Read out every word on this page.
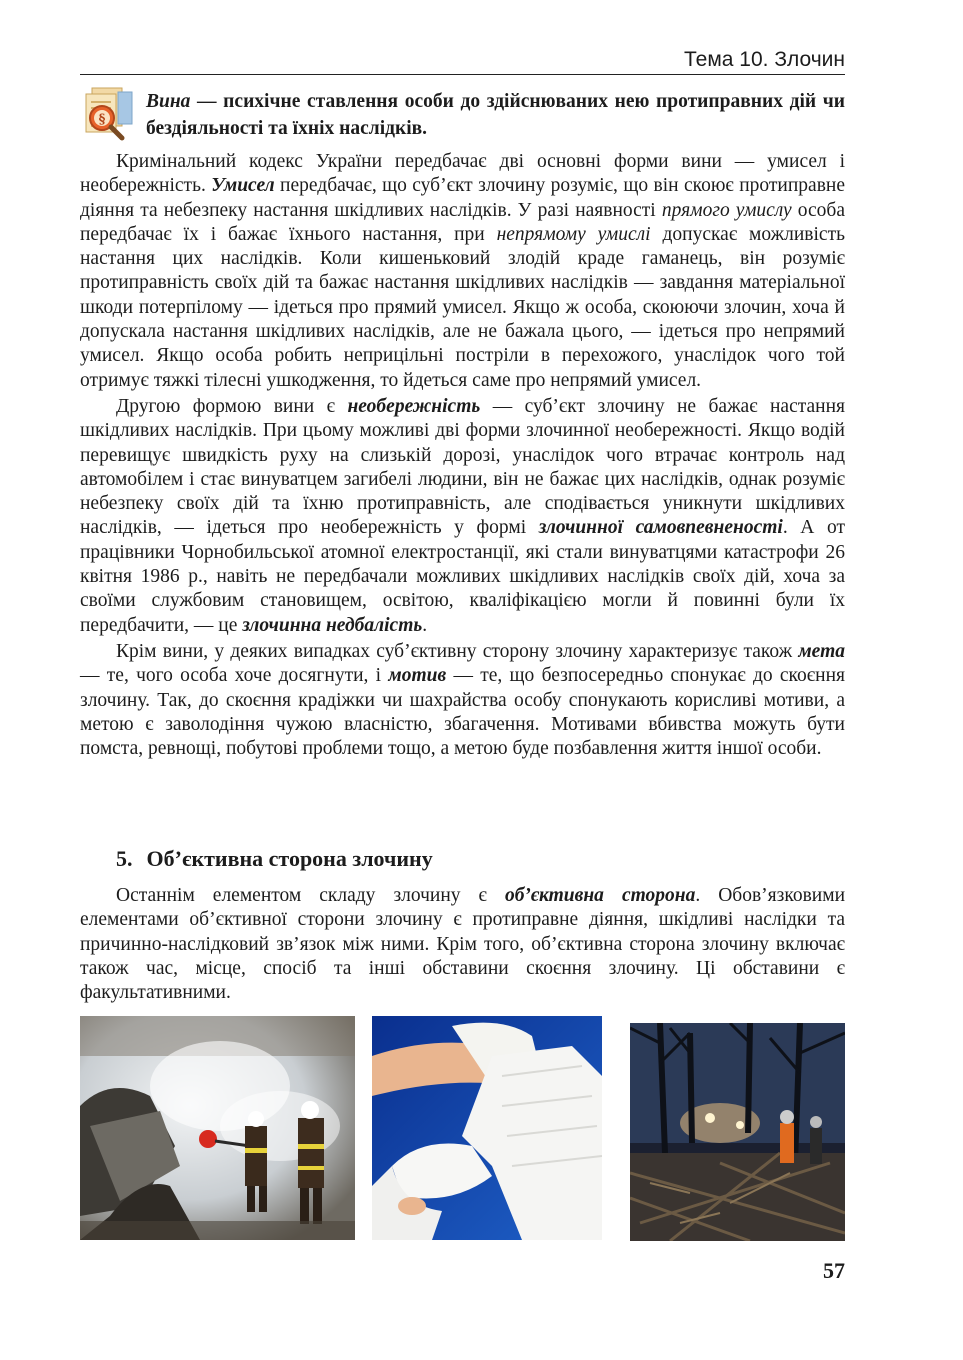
Тема 10. Злочин
§
Вина — психічне ставлення особи до здійснюваних нею протиправних дій чи бездіяльності та їхніх наслідків.

Кримінальний кодекс України передбачає дві основні форми вини — умисел і необережність. Умисел передбачає, що суб’єкт злочину розуміє, що він скоює протиправне діяння та небезпеку настання шкідливих наслідків. У разі наявності прямого умислу особа передбачає їх і бажає їхнього настання, при непрямому умислі допускає можливість настання цих наслідків. Коли кишеньковий злодій краде гаманець, він розуміє протиправність своїх дій та бажає настання шкідливих наслідків — завдання матеріальної шкоди потерпілому — ідеться про прямий умисел. Якщо ж особа, скоюючи злочин, хоча й допускала настання шкідливих наслідків, але не бажала цього, — ідеться про непрямий умисел. Якщо особа робить неприцільні постріли в перехожого, унаслідок чого той отримує тяжкі тілесні ушкодження, то йдеться саме про непрямий умисел.

Другою формою вини є необережність — суб’єкт злочину не бажає настання шкідливих наслідків. При цьому можливі дві форми злочинної необережності. Якщо водій перевищує швидкість руху на слизькій дорозі, унаслідок чого втрачає контроль над автомобілем і стає винуватцем загибелі людини, він не бажає цих наслідків, однак розуміє небезпеку своїх дій та їхню протиправність, але сподівається уникнути шкідливих наслідків, — ідеться про необережність у формі злочинної самовпевненості. А от працівники Чорнобильської атомної електростанції, які стали винуватцями катастрофи 26 квітня 1986 р., навіть не передбачали можливих шкідливих наслідків своїх дій, хоча за своїми службовим становищем, освітою, кваліфікацією могли й повинні були їх передбачити, — це злочинна недбалість.

Крім вини, у деяких випадках суб’єктивну сторону злочину характеризує також мета — те, чого особа хоче досягнути, і мотив — те, що безпосередньо спонукає до скоєння злочину. Так, до скоєння крадіжки чи шахрайства особу спонукають корисливі мотиви, а метою є заволодіння чужою власністю, збагачення. Мотивами вбивства можуть бути помста, ревнощі, побутові проблеми тощо, а метою буде позбавлення життя іншої особи.

5. Об’єктивна сторона злочину

Останнім елементом складу злочину є об’єктивна сторона. Обов’язковими елементами об’єктивної сторони злочину є протиправне діяння, шкідливі наслідки та причинно-наслідковий зв’язок між ними. Крім того, об’єктивна сторона злочину включає також час, місце, спосіб та інші обставини скоєння злочину. Ці обставини є факультативними.

57
